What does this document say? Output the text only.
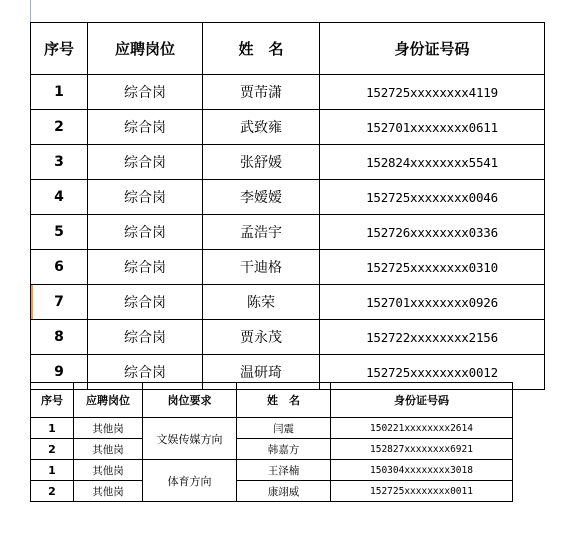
序号	应聘岗位	姓　名	身份证号码
1	综合岗	贾芾潇	152725xxxxxxxx4119
2	综合岗	武致雍	152701xxxxxxxx0611
3	综合岗	张舒媛	152824xxxxxxxx5541
4	综合岗	李嫒嫒	152725xxxxxxxx0046
5	综合岗	孟浩宇	152726xxxxxxxx0336
6	综合岗	干迪格	152725xxxxxxxx0310
7	综合岗	陈荣	152701xxxxxxxx0926
8	综合岗	贾永茂	152722xxxxxxxx2156
9	综合岗	温研琦	152725xxxxxxxx0012
序号	应聘岗位	岗位要求	姓　名	身份证号码
1	其他岗	文娱传媒方向	闫震	150221xxxxxxxx2614
2	其他岗		韩嘉方	152827xxxxxxxx6921
1	其他岗	体育方向	王泽楠	150304xxxxxxxx3018
2	其他岗		康翊威	152725xxxxxxxx0011
